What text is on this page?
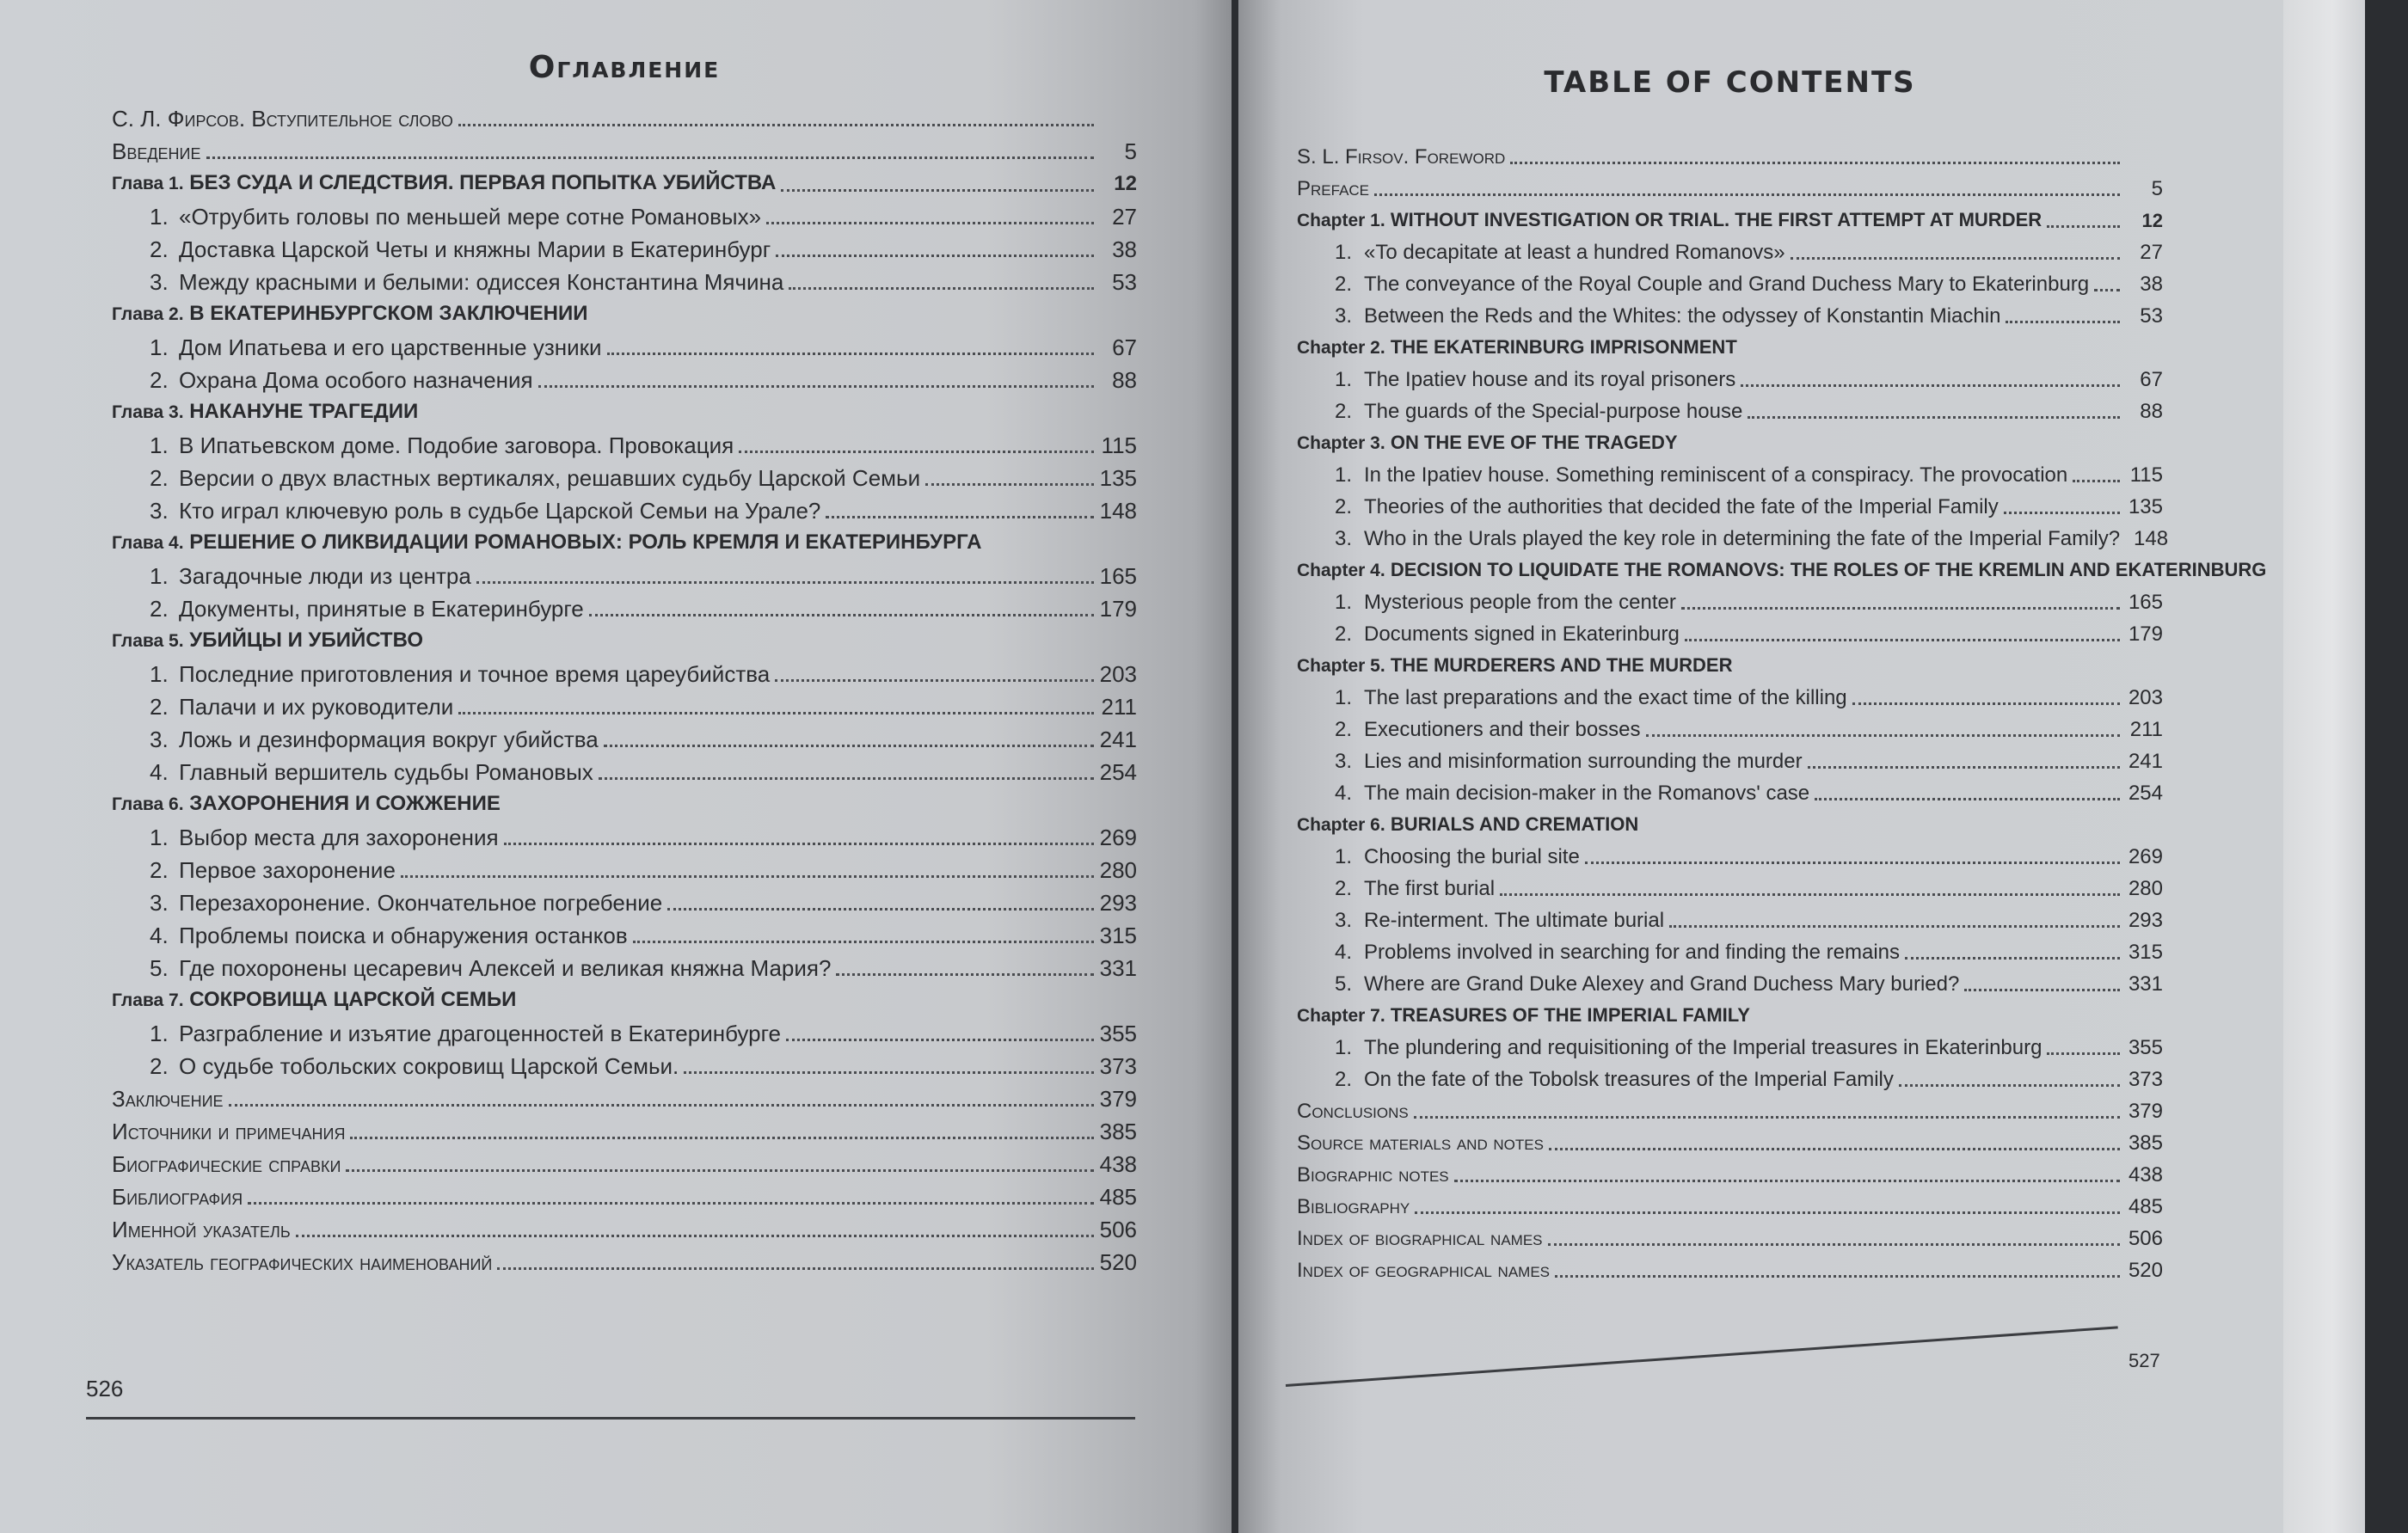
Оглавление
С. Л. Фирсов. Вступительное слово
Введение	5
Глава 1. БЕЗ СУДА И СЛЕДСТВИЯ. ПЕРВАЯ ПОПЫТКА УБИЙСТВА	12
1. «Отрубить головы по меньшей мере сотне Романовых»	27
2. Доставка Царской Четы и княжны Марии в Екатеринбург	38
3. Между красными и белыми: одиссея Константина Мячина	53
Глава 2. В ЕКАТЕРИНБУРГСКОМ ЗАКЛЮЧЕНИИ
1. Дом Ипатьева и его царственные узники	67
2. Охрана Дома особого назначения	88
Глава 3. НАКАНУНЕ ТРАГЕДИИ
1. В Ипатьевском доме. Подобие заговора. Провокация	115
2. Версии о двух властных вертикалях, решавших судьбу Царской Семьи	135
3. Кто играл ключевую роль в судьбе Царской Семьи на Урале?	148
Глава 4. РЕШЕНИЕ О ЛИКВИДАЦИИ РОМАНОВЫХ: РОЛЬ КРЕМЛЯ И ЕКАТЕРИНБУРГА
1. Загадочные люди из центра	165
2. Документы, принятые в Екатеринбурге	179
Глава 5. УБИЙЦЫ И УБИЙСТВО
1. Последние приготовления и точное время цареубийства	203
2. Палачи и их руководители	211
3. Ложь и дезинформация вокруг убийства	241
4. Главный вершитель судьбы Романовых	254
Глава 6. ЗАХОРОНЕНИЯ И СОЖЖЕНИЕ
1. Выбор места для захоронения	269
2. Первое захоронение	280
3. Перезахоронение. Окончательное погребение	293
4. Проблемы поиска и обнаружения останков	315
5. Где похоронены цесаревич Алексей и великая княжна Мария?	331
Глава 7. СОКРОВИЩА ЦАРСКОЙ СЕМЬИ
1. Разграбление и изъятие драгоценностей в Екатеринбурге	355
2. О судьбе тобольских сокровищ Царской Семьи.	373
Заключение	379
Источники и примечания	385
Биографические справки	438
Библиография	485
Именной указатель	506
Указатель географических наименований	520
TABLE OF CONTENTS
S. L. Firsov. Foreword
Preface	5
Chapter 1. WITHOUT INVESTIGATION OR TRIAL. THE FIRST ATTEMPT AT MURDER	12
1. «To decapitate at least a hundred Romanovs»	27
2. The conveyance of the Royal Couple and Grand Duchess Mary to Ekaterinburg	38
3. Between the Reds and the Whites: the odyssey of Konstantin Miachin	53
Chapter 2. THE EKATERINBURG IMPRISONMENT
1. The Ipatiev house and its royal prisoners	67
2. The guards of the Special-purpose house	88
Chapter 3. ON THE EVE OF THE TRAGEDY
1. In the Ipatiev house. Something reminiscent of a conspiracy. The provocation	115
2. Theories of the authorities that decided the fate of the Imperial Family	135
3. Who in the Urals played the key role in determining the fate of the Imperial Family? 148
Chapter 4. DECISION TO LIQUIDATE THE ROMANOVS: THE ROLES OF THE KREMLIN AND EKATERINBURG
1. Mysterious people from the center	165
2. Documents signed in Ekaterinburg	179
Chapter 5. THE MURDERERS AND THE MURDER
1. The last preparations and the exact time of the killing	203
2. Executioners and their bosses	211
3. Lies and misinformation surrounding the murder	241
4. The main decision-maker in the Romanovs' case	254
Chapter 6. BURIALS AND CREMATION
1. Choosing the burial site	269
2. The first burial	280
3. Re-interment. The ultimate burial	293
4. Problems involved in searching for and finding the remains	315
5. Where are Grand Duke Alexey and Grand Duchess Mary buried?	331
Chapter 7. TREASURES OF THE IMPERIAL FAMILY
1. The plundering and requisitioning of the Imperial treasures in Ekaterinburg	355
2. On the fate of the Tobolsk treasures of the Imperial Family	373
Conclusions	379
Source materials and notes	385
Biographic notes	438
Bibliography	485
Index of biographical names	506
Index of geographical names	520
526
527
